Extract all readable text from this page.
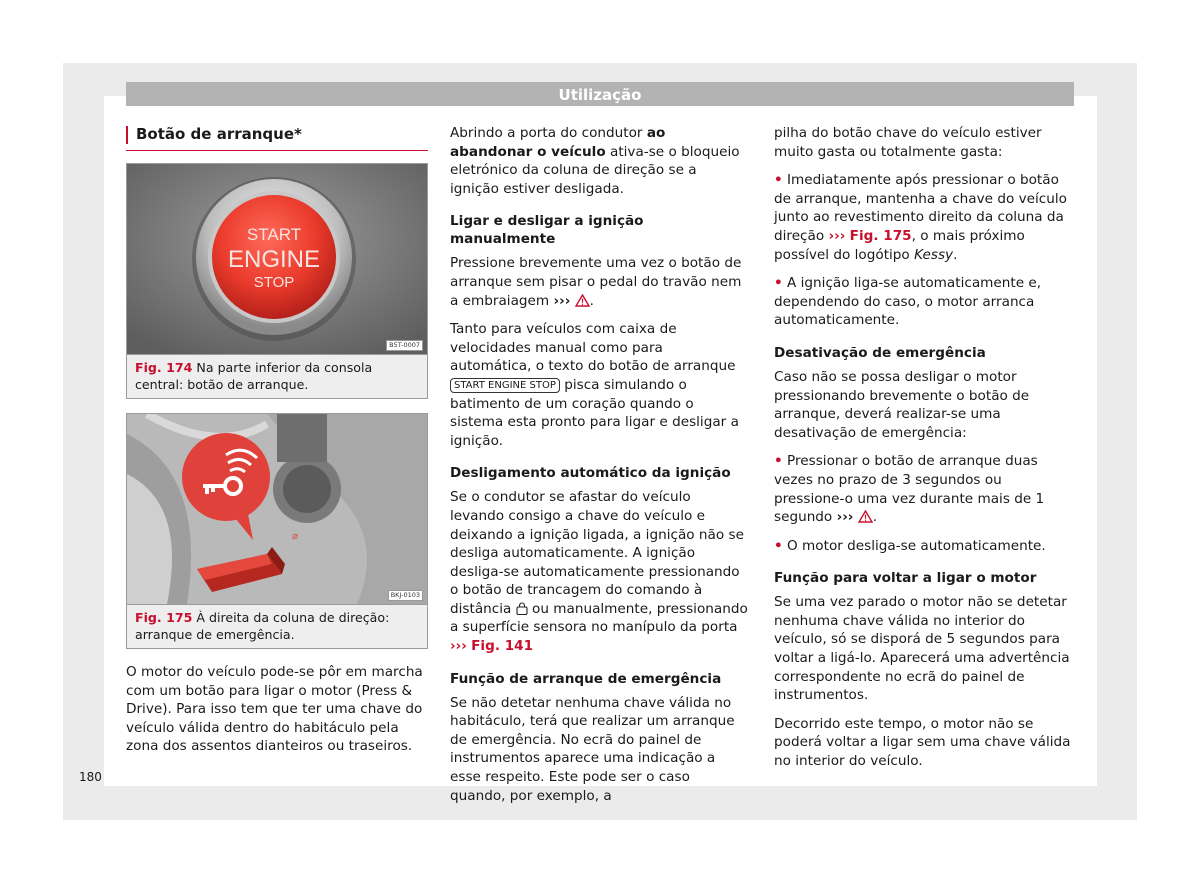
Utilização
Botão de arranque*
START
ENGINE
STOP
B5T-0007
Fig. 174 Na parte inferior da consola central: botão de arranque.
⌀
BKJ-0103
Fig. 175 À direita da coluna de direção: arranque de emergência.

O motor do veículo pode-se pôr em marcha com um botão para ligar o motor (Press & Drive). Para isso tem que ter uma chave do veículo válida dentro do habitáculo pela zona dos assentos dianteiros ou traseiros.

Abrindo a porta do condutor ao abandonar o veículo ativa-se o bloqueio eletrónico da coluna de direção se a ignição estiver desligada.

Ligar e desligar a ignição manualmente

Pressione brevemente uma vez o botão de arranque sem pisar o pedal do travão nem a embraiagem ››› .

Tanto para veículos com caixa de velocidades manual como para automática, o texto do botão de arranque START ENGINE STOP pisca simulando o batimento de um coração quando o sistema esta pronto para ligar e desligar a ignição.

Desligamento automático da ignição

Se o condutor se afastar do veículo levando consigo a chave do veículo e deixando a ignição ligada, a ignição não se desliga automaticamente. A ignição desliga-se automaticamente pressionando o botão de trancagem do comando à distância ou manualmente, pressionando a superfície sensora no manípulo da porta ››› Fig. 141

Função de arranque de emergência

Se não detetar nenhuma chave válida no habitáculo, terá que realizar um arranque de emergência. No ecrã do painel de instrumentos aparece uma indicação a esse respeito. Este pode ser o caso quando, por exemplo, a

pilha do botão chave do veículo estiver muito gasta ou totalmente gasta:

• Imediatamente após pressionar o botão de arranque, mantenha a chave do veículo junto ao revestimento direito da coluna da direção ››› Fig. 175, o mais próximo possível do logótipo Kessy.

• A ignição liga-se automaticamente e, dependendo do caso, o motor arranca automaticamente.

Desativação de emergência

Caso não se possa desligar o motor pressionando brevemente o botão de arranque, deverá realizar-se uma desativação de emergência:

• Pressionar o botão de arranque duas vezes no prazo de 3 segundos ou pressione-o uma vez durante mais de 1 segundo ››› .

• O motor desliga-se automaticamente.

Função para voltar a ligar o motor

Se uma vez parado o motor não se detetar nenhuma chave válida no interior do veículo, só se disporá de 5 segundos para voltar a ligá-lo. Aparecerá uma advertência correspondente no ecrã do painel de instrumentos.

Decorrido este tempo, o motor não se poderá voltar a ligar sem uma chave válida no interior do veículo.

180
